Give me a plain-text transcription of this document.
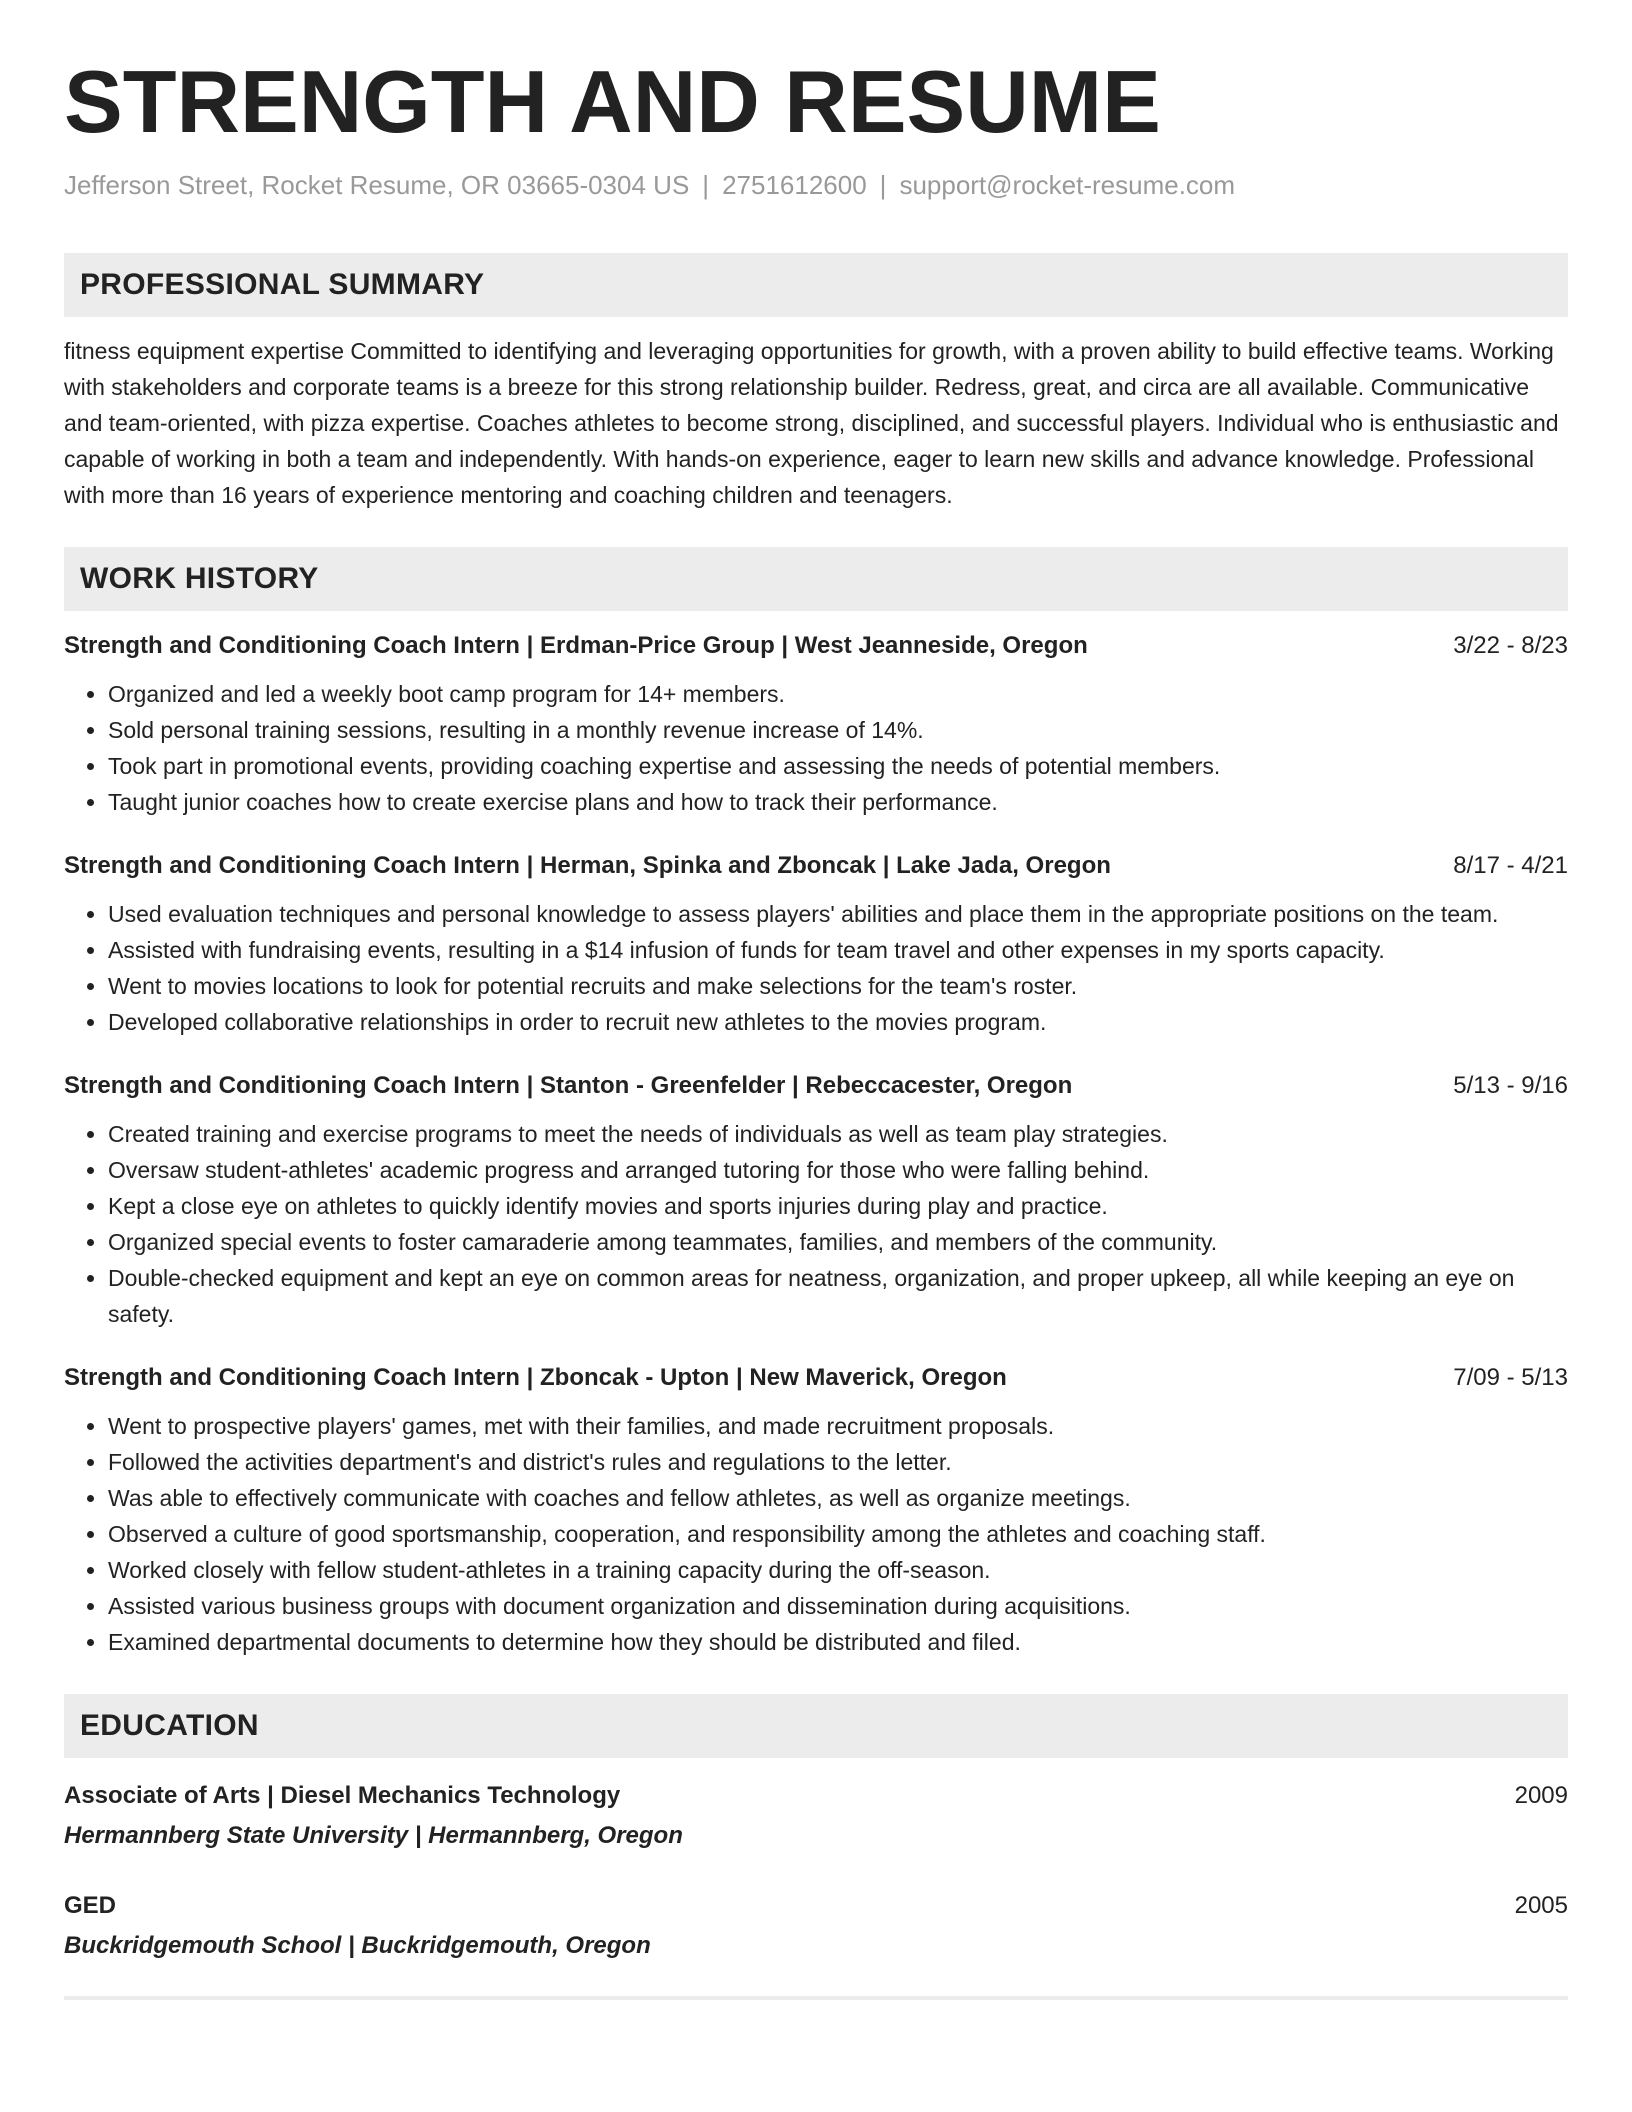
STRENGTH AND RESUME
Jefferson Street, Rocket Resume, OR 03665-0304 US | 2751612600 | support@rocket-resume.com
PROFESSIONAL SUMMARY
fitness equipment expertise Committed to identifying and leveraging opportunities for growth, with a proven ability to build effective teams. Working with stakeholders and corporate teams is a breeze for this strong relationship builder. Redress, great, and circa are all available. Communicative and team-oriented, with pizza expertise. Coaches athletes to become strong, disciplined, and successful players. Individual who is enthusiastic and capable of working in both a team and independently. With hands-on experience, eager to learn new skills and advance knowledge. Professional with more than 16 years of experience mentoring and coaching children and teenagers.
WORK HISTORY
Strength and Conditioning Coach Intern | Erdman-Price Group | West Jeanneside, Oregon	3/22 - 8/23
• Organized and led a weekly boot camp program for 14+ members.
• Sold personal training sessions, resulting in a monthly revenue increase of 14%.
• Took part in promotional events, providing coaching expertise and assessing the needs of potential members.
• Taught junior coaches how to create exercise plans and how to track their performance.
Strength and Conditioning Coach Intern | Herman, Spinka and Zboncak | Lake Jada, Oregon	8/17 - 4/21
• Used evaluation techniques and personal knowledge to assess players' abilities and place them in the appropriate positions on the team.
• Assisted with fundraising events, resulting in a $14 infusion of funds for team travel and other expenses in my sports capacity.
• Went to movies locations to look for potential recruits and make selections for the team's roster.
• Developed collaborative relationships in order to recruit new athletes to the movies program.
Strength and Conditioning Coach Intern | Stanton - Greenfelder | Rebeccacester, Oregon	5/13 - 9/16
• Created training and exercise programs to meet the needs of individuals as well as team play strategies.
• Oversaw student-athletes' academic progress and arranged tutoring for those who were falling behind.
• Kept a close eye on athletes to quickly identify movies and sports injuries during play and practice.
• Organized special events to foster camaraderie among teammates, families, and members of the community.
• Double-checked equipment and kept an eye on common areas for neatness, organization, and proper upkeep, all while keeping an eye on safety.
Strength and Conditioning Coach Intern | Zboncak - Upton | New Maverick, Oregon	7/09 - 5/13
• Went to prospective players' games, met with their families, and made recruitment proposals.
• Followed the activities department's and district's rules and regulations to the letter.
• Was able to effectively communicate with coaches and fellow athletes, as well as organize meetings.
• Observed a culture of good sportsmanship, cooperation, and responsibility among the athletes and coaching staff.
• Worked closely with fellow student-athletes in a training capacity during the off-season.
• Assisted various business groups with document organization and dissemination during acquisitions.
• Examined departmental documents to determine how they should be distributed and filed.
EDUCATION
Associate of Arts | Diesel Mechanics Technology	2009
Hermannberg State University | Hermannberg, Oregon
GED	2005
Buckridgemouth School | Buckridgemouth, Oregon
